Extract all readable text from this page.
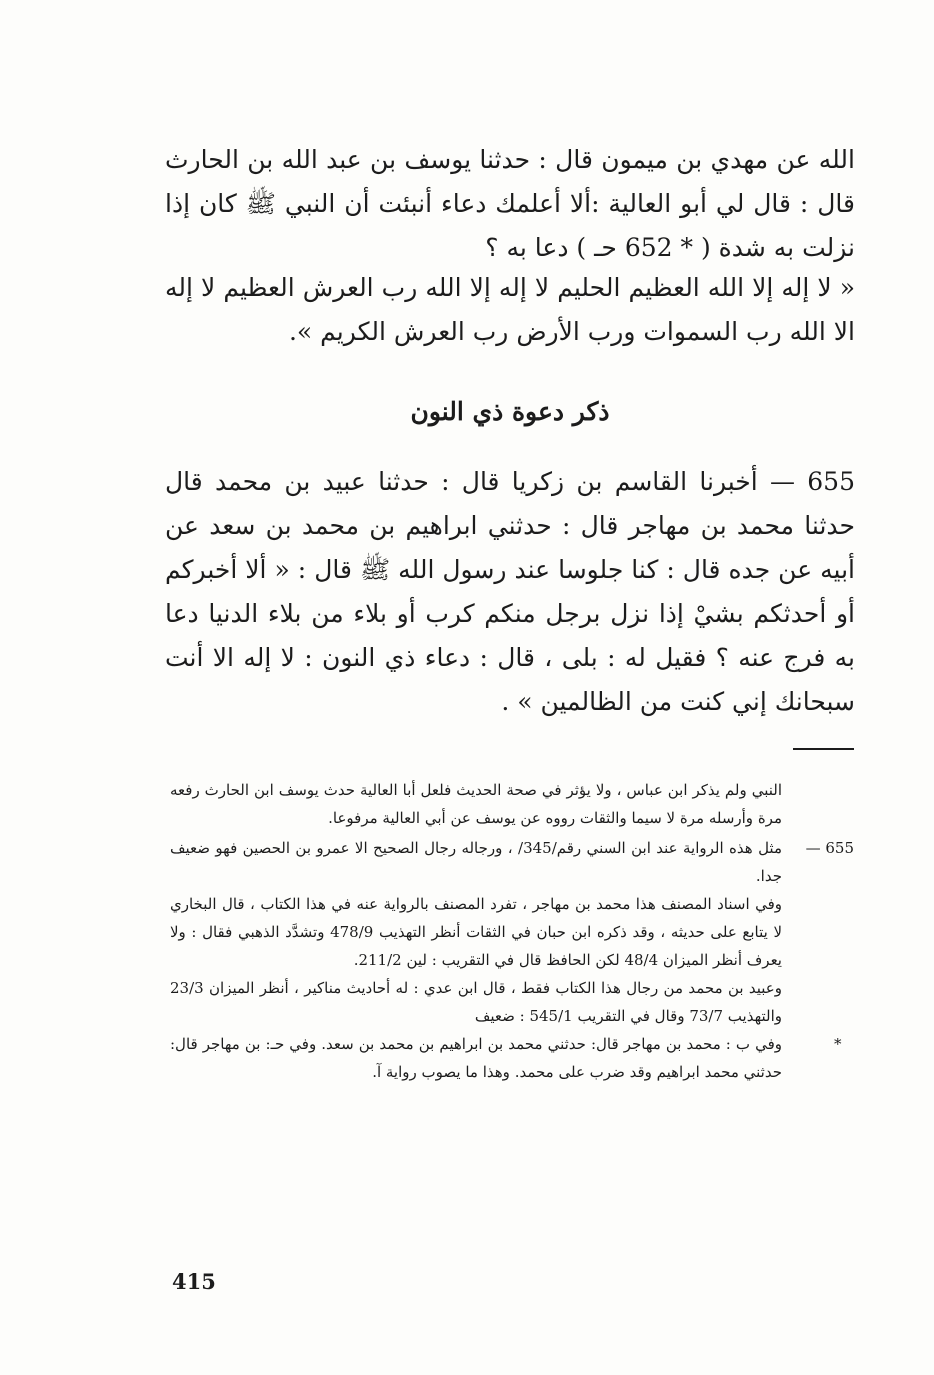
الله عن مهدي بن ميمون قال : حدثنا يوسف بن عبد الله بن الحارث قال : قال لي أبو العالية :ألا أعلمك دعاء أنبئت أن النبي ﷺ كان إذا نزلت به شدة ( * 652 حـ ) دعا به ؟

« لا إله إلا الله العظيم الحليم لا إله إلا الله رب العرش العظيم لا إله الا الله رب السموات ورب الأرض رب العرش الكريم ».

ذكر دعوة ذي النون

655 — أخبرنا القاسم بن زكريا قال : حدثنا عبيد بن محمد قال حدثنا محمد بن مهاجر قال : حدثني ابراهيم بن محمد بن سعد عن أبيه عن جده قال : كنا جلوسا عند رسول الله ﷺ قال : « ألا أخبركم أو أحدثكم بشيْ إذا نزل برجل منكم كرب أو بلاء من بلاء الدنيا دعا به فرج عنه ؟ فقيل له : بلى ، قال : دعاء ذي النون : لا إله الا أنت سبحانك إني كنت من الظالمين » .

النبي ولم يذكر ابن عباس ، ولا يؤثر في صحة الحديث فلعل أبا العالية حدث يوسف ابن الحارث رفعه مرة وأرسله مرة لا سيما والثقات رووه عن يوسف عن أبي العالية مرفوعا.

655 —

مثل هذه الرواية عند ابن السني رقم/345/ ، ورجاله رجال الصحيح الا عمرو بن الحصين فهو ضعيف جدا.

وفي اسناد المصنف هذا محمد بن مهاجر ، تفرد المصنف بالرواية عنه في هذا الكتاب ، قال البخاري لا يتابع على حديثه ، وقد ذكره ابن حبان في الثقات أنظر التهذيب 478/9 وتشدَّد الذهبي فقال : ولا يعرف أنظر الميزان 48/4 لكن الحافظ قال في التقريب : لين 211/2.

وعبيد بن محمد من رجال هذا الكتاب فقط ، قال ابن عدي : له أحاديث مناكير ، أنظر الميزان 23/3 والتهذيب 73/7 وقال في التقريب 545/1 : ضعيف

*

وفي ب : محمد بن مهاجر قال: حدثني محمد بن ابراهيم بن محمد بن سعد. وفي حـ: بن مهاجر قال: حدثني محمد ابراهيم وقد ضرب على محمد. وهذا ما يصوب رواية آ.

415
